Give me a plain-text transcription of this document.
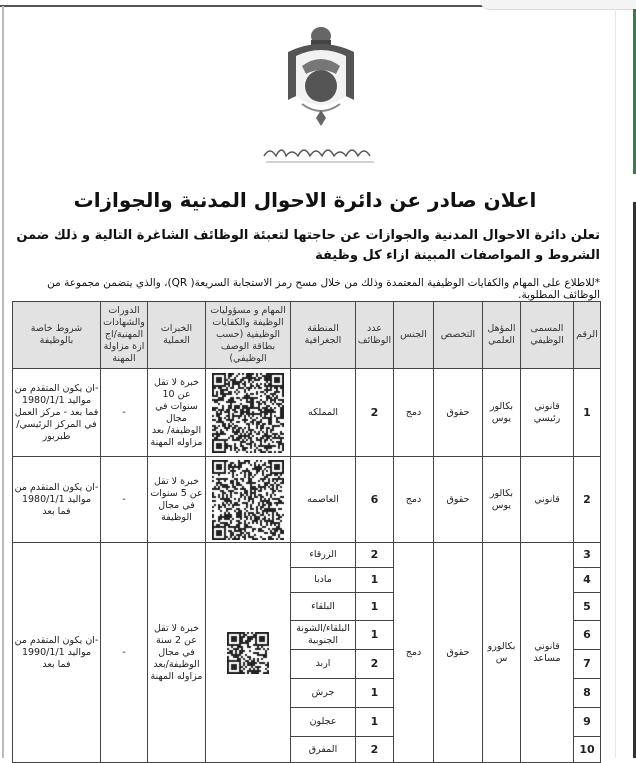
اعلان صادر عن دائرة الاحوال المدنية والجوازات
تعلن دائرة الاحوال المدنية والجوازات عن حاجتها لتعبئة الوظائف الشاغرة التالية و ذلك ضمن الشروط و المواصفات المبينة ازاء كل وظيفة
*للاطلاع على المهام والكفايات الوظيفية المعتمدة وذلك من خلال مسح رمز الاستجابة السريعة( QR)، والذي يتضمن مجموعة من الوظائف المطلوبة.
الرقم	المسمى الوظيفي	المؤهل العلمي	التخصص	الجنس	عدد الوظائف	المنطقة الجغرافية	المهام و مسؤوليات الوظيفة والكفايات الوظيفية (حسب بطاقة الوصف الوظيفي)	الخبرات العملية	الدورات والشهادات المهنية/اج ازة مزاولة المهنة	شروط خاصة بالوظيفة
1	قانوني رئيسي	بكالور يوس	حقوق	دمج	2	المملكه		خبرة لا تقل عن 10 سنوات في مجال الوظيفة/ بعد مزاوله المهنة	-	-ان يكون المتقدم من مواليد 1980/1/1 فما بعد - مركز العمل في المركز الرئيسي/طبربور
2	قانوني	بكالور يوس	حقوق	دمج	6	العاصمه		خبرة لا تقل عن 5 سنوات في مجال الوظيفة	-	-ان يكون المتقدم من مواليد 1980/1/1 فما بعد
3	قانوني مساعد	بكالورو س	حقوق	دمج	2	الزرقاء		خبرة لا تقل عن 2 سنة في مجال الوظيفة/بعد مزاوله المهنة	-	-ان يكون المتقدم من مواليد 1990/1/1 فما بعد
4					1	مادبا				
5					1	البلقاء				
6					1	البلقاء/الشونة الجنوبية				
7					2	اربد				
8					1	جرش				
9					1	عجلون				
10					2	المفرق				
